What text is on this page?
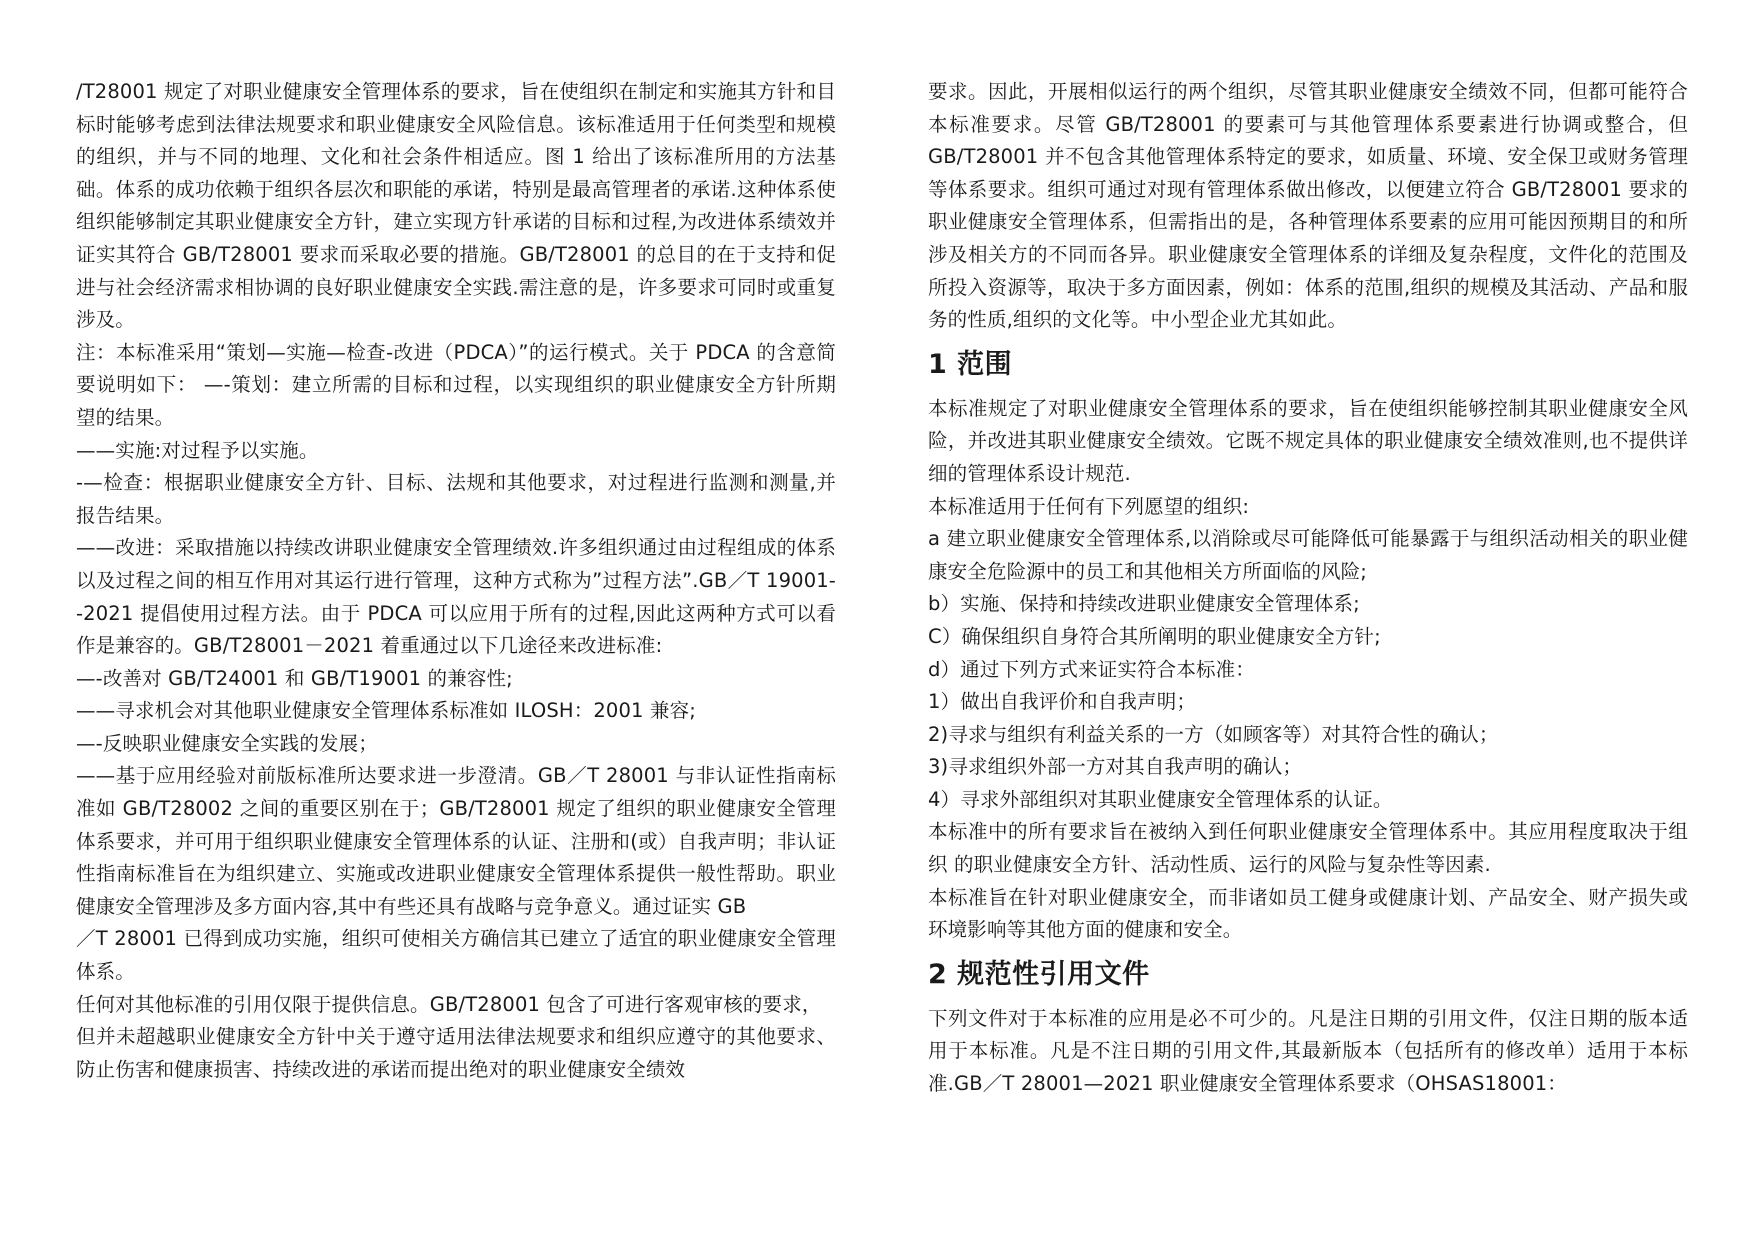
/T28001 规定了对职业健康安全管理体系的要求，旨在使组织在制定和实施其方针和目标时能够考虑到法律法规要求和职业健康安全风险信息。该标准适用于任何类型和规模的组织，并与不同的地理、文化和社会条件相适应。图 1 给出了该标准所用的方法基础。体系的成功依赖于组织各层次和职能的承诺，特别是最高管理者的承诺.这种体系使组织能够制定其职业健康安全方针，建立实现方针承诺的目标和过程,为改进体系绩效并证实其符合 GB/T28001 要求而采取必要的措施。GB/T28001 的总目的在于支持和促进与社会经济需求相协调的良好职业健康安全实践.需注意的是，许多要求可同时或重复涉及。

注：本标准采用“策划—实施—检查-改进（PDCA）”的运行模式。关于 PDCA 的含意简要说明如下： —-策划：建立所需的目标和过程，以实现组织的职业健康安全方针所期望的结果。

——实施:对过程予以实施。

-—检查：根据职业健康安全方针、目标、法规和其他要求，对过程进行监测和测量,并报告结果。

——改进：采取措施以持续改讲职业健康安全管理绩效.许多组织通过由过程组成的体系以及过程之间的相互作用对其运行进行管理，这种方式称为”过程方法”.GB／T 19001--2021 提倡使用过程方法。由于 PDCA 可以应用于所有的过程,因此这两种方式可以看作是兼容的。GB/T28001－2021 着重通过以下几途径来改进标准:

—-改善对 GB/T24001 和 GB/T19001 的兼容性;

——寻求机会对其他职业健康安全管理体系标准如 ILOSH：2001 兼容;

—-反映职业健康安全实践的发展；

——基于应用经验对前版标准所达要求进一步澄清。GB／T 28001 与非认证性指南标准如 GB/T28002 之间的重要区别在于；GB/T28001 规定了组织的职业健康安全管理体系要求，并可用于组织职业健康安全管理体系的认证、注册和(或）自我声明；非认证性指南标准旨在为组织建立、实施或改进职业健康安全管理体系提供一般性帮助。职业健康安全管理涉及多方面内容,其中有些还具有战略与竞争意义。通过证实 GB

／T 28001 已得到成功实施，组织可使相关方确信其已建立了适宜的职业健康安全管理体系。

任何对其他标准的引用仅限于提供信息。GB/T28001 包含了可进行客观审核的要求，

但并未超越职业健康安全方针中关于遵守适用法律法规要求和组织应遵守的其他要求、防止伤害和健康损害、持续改进的承诺而提出绝对的职业健康安全绩效

要求。因此，开展相似运行的两个组织，尽管其职业健康安全绩效不同，但都可能符合本标准要求。尽管 GB/T28001 的要素可与其他管理体系要素进行协调或整合，但 GB/T28001 并不包含其他管理体系特定的要求，如质量、环境、安全保卫或财务管理等体系要求。组织可通过对现有管理体系做出修改，以便建立符合 GB/T28001 要求的职业健康安全管理体系，但需指出的是，各种管理体系要素的应用可能因预期目的和所涉及相关方的不同而各异。职业健康安全管理体系的详细及复杂程度，文件化的范围及所投入资源等，取决于多方面因素，例如：体系的范围,组织的规模及其活动、产品和服务的性质,组织的文化等。中小型企业尤其如此。

1 范围

本标准规定了对职业健康安全管理体系的要求，旨在使组织能够控制其职业健康安全风险，并改进其职业健康安全绩效。它既不规定具体的职业健康安全绩效准则,也不提供详细的管理体系设计规范.

本标准适用于任何有下列愿望的组织:

a 建立职业健康安全管理体系,以消除或尽可能降低可能暴露于与组织活动相关的职业健康安全危险源中的员工和其他相关方所面临的风险;

b）实施、保持和持续改进职业健康安全管理体系;

C）确保组织自身符合其所阐明的职业健康安全方针;

d）通过下列方式来证实符合本标准：

1）做出自我评价和自我声明；

2)寻求与组织有利益关系的一方（如顾客等）对其符合性的确认；

3)寻求组织外部一方对其自我声明的确认；

4）寻求外部组织对其职业健康安全管理体系的认证。

本标准中的所有要求旨在被纳入到任何职业健康安全管理体系中。其应用程度取决于组织 的职业健康安全方针、活动性质、运行的风险与复杂性等因素.

本标准旨在针对职业健康安全，而非诸如员工健身或健康计划、产品安全、财产损失或环境影响等其他方面的健康和安全。

2 规范性引用文件

下列文件对于本标准的应用是必不可少的。凡是注日期的引用文件，仅注日期的版本适用于本标准。凡是不注日期的引用文件,其最新版本（包括所有的修改单）适用于本标准.GB／T 28001—2021 职业健康安全管理体系要求（OHSAS18001：
